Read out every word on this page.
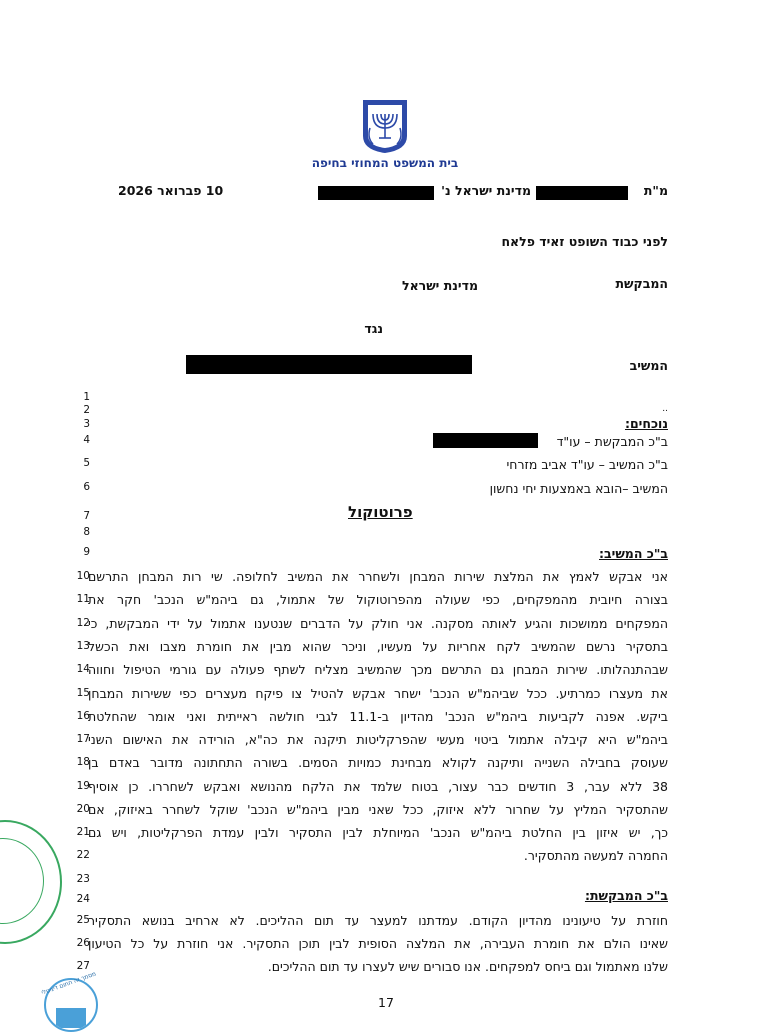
בית המשפט המחוזי בחיפה
מ"ת
מדינת ישראל נ'
10 פברואר 2026
לפני כבוד השופט זאיד פלאח
המבקשת
מדינת ישראל
נגד
המשיב
1
2
3
4
5
6
7
8
9
10
11
12
13
14
15
16
17
18
19
20
21
22
23
24
25
26
27
..
נוכחים:
ב"כ המבקשת – עו"ד
ב"כ המשיב – עו"ד אביב מזרחי
המשיב –הובא באמצעות יחי נחשון
פרוטוקול
ב"כ המשיב:
אני אבקש לאמץ את המלצת שירות המבחן ולשחרר את המשיב לחלופה. שי רות המבחן התרשם
בצורה חיובית מהמפקחים, כפי שעולה מהפרוטוקול של אתמול, גם ביהמ"ש הנכב' חקר את
המפקחים ממושכות והגיע לאותה מסקנה. אני חולק על הדברים שנטענו אתמול על ידי המבקשת, כי
בתסקיר נרשם שהמשיב לקח אחריות על מעשיו, וניכר שהוא מבין את חומרת מצבו ואת הכשל
שבהתנהלותו. שירות המבחן גם התרשם מכך שהמשיב מצליח לשתף פעולה עם גורמי הטיפול וחווה
את מעצרו כמרתיע. ככל שביהמ"ש הנכב' ישחר אבקש להטיל צו פיקח מעצרים כפי ששירות המבחן
ביקש. אפנה לקביעות ביהמ"ש הנכב' מהדיון ב-11.1 לגבי חולשה ראייתית ואני אומר שהחלטת
ביהמ"ש היא קיבלה אתמול ביטוי מעשי שהפרקליטות תיקנה את כה"א, הורידה את האישום השני
שעוסק בחבילה השנייה ותיקנה לקולא מבחינת כמויות הסמים. בשורה התחתונה מדובר באדם בן
38 ללא עבר, 3 חודשים כבר עצור, בטוח שלמד את הלקח מהנושא ואבקש לשחררו. כן אוסיף
שהתסקיר המליץ על שחרור ללא איזוק, ככל שאני מבין ביהמ"ש הנכב' שוקל לשחרר באיזוק, אם
כך, יש איזון בין החלטת ביהמ"ש הנכב' המיוחלת לבין התסקיר ולבין עמדת הפרקליטות, ויש גם
החמרה למעשה מהתסקיר.
ב"כ המבקשת:
חוזרת על טיעונינו מהדיון הקודם. עמדתנו למעצר עד תום ההליכים. לא ארחיב בנושא התסקיר
שאינו הולם את חומרת העבירה, את המלצה הסופית לבין תוכן התסקיר. אני חוזרת על כל הטיעון
שלנו מאתמול וגם ביחס למפקחים. אנו סבורים שיש לעצרו עד תום ההליכים.
17
מסמך זה חתום דיגיטלי
